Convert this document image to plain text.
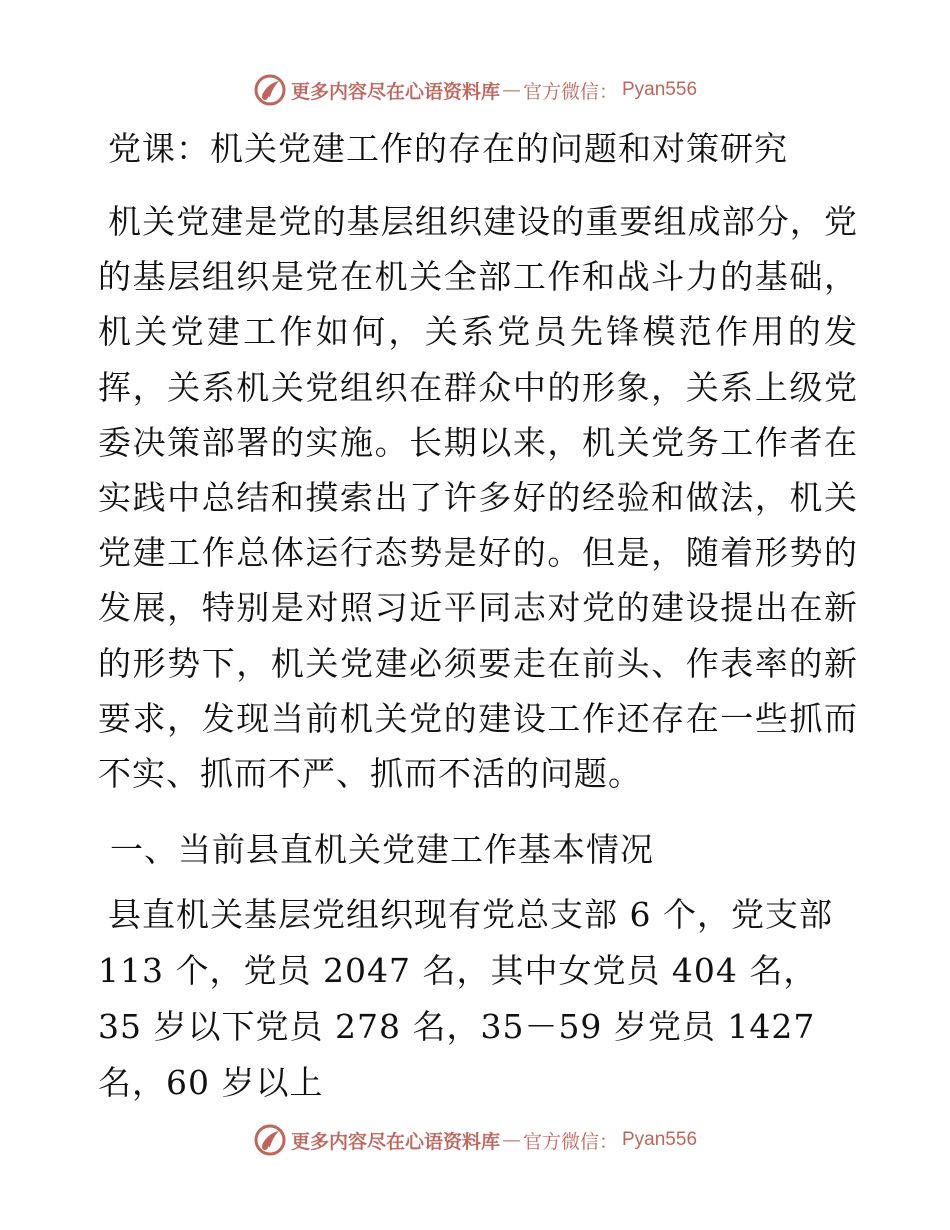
更多内容尽在心语资料库 — 官方微信： Pyan556
党课：机关党建工作的存在的问题和对策研究

机关党建是党的基层组织建设的重要组成部分，党的基层组织是党在机关全部工作和战斗力的基础，机关党建工作如何，关系党员先锋模范作用的发挥，关系机关党组织在群众中的形象，关系上级党委决策部署的实施。长期以来，机关党务工作者在实践中总结和摸索出了许多好的经验和做法，机关党建工作总体运行态势是好的。但是，随着形势的发展，特别是对照习近平同志对党的建设提出在新的形势下，机关党建必须要走在前头、作表率的新要求，发现当前机关党的建设工作还存在一些抓而不实、抓而不严、抓而不活的问题。

一、当前县直机关党建工作基本情况

县直机关基层党组织现有党总支部 6 个，党支部 113 个，党员 2047 名，其中女党员 404 名，35 岁以下党员 278 名，35－59 岁党员 1427 名，60 岁以上

更多内容尽在心语资料库 — 官方微信： Pyan556
